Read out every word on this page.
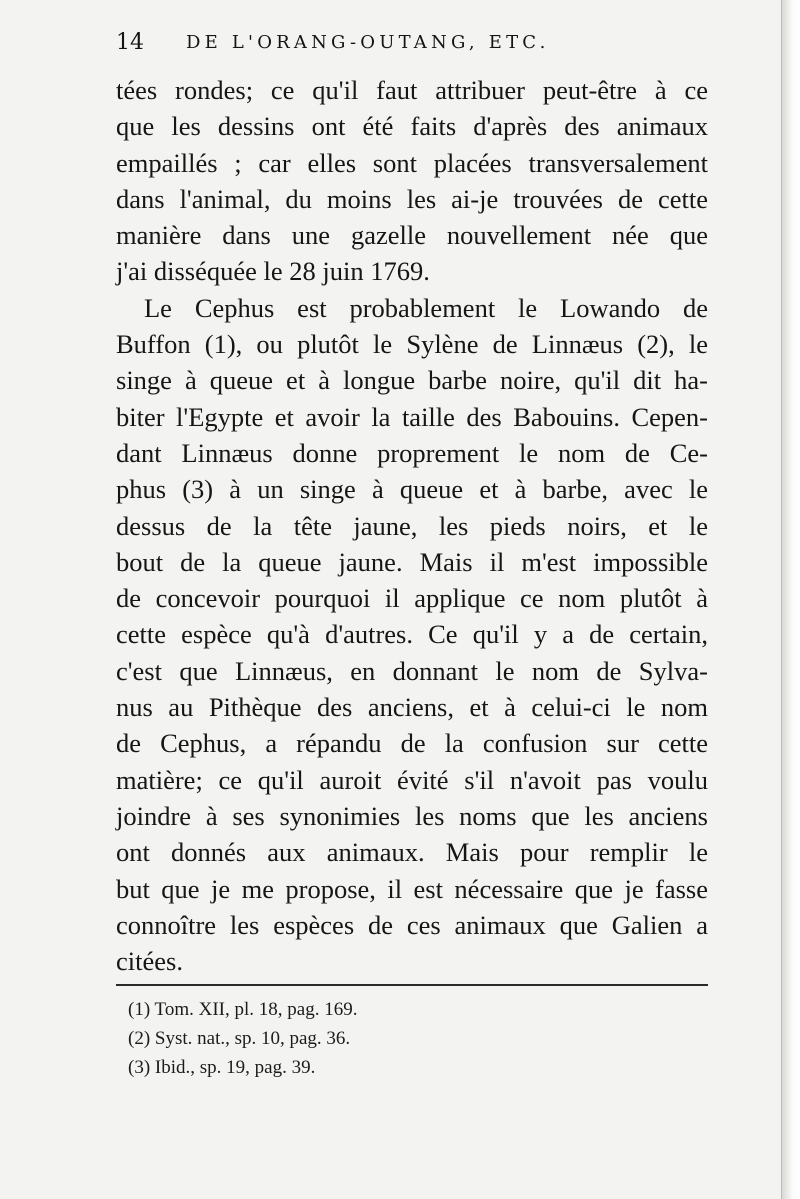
14 DE L'ORANG-OUTANG, ETC.
tées rondes; ce qu'il faut attribuer peut-être à ce
que les dessins ont été faits d'après des animaux
empaillés ; car elles sont placées transversalement
dans l'animal, du moins les ai-je trouvées de cette
manière dans une gazelle nouvellement née que
j'ai disséquée le 28 juin 1769.
Le Cephus est probablement le Lowando de
Buffon (1), ou plutôt le Sylène de Linnæus (2), le
singe à queue et à longue barbe noire, qu'il dit ha-
biter l'Egypte et avoir la taille des Babouins. Cepen-
dant Linnæus donne proprement le nom de Ce-
phus (3) à un singe à queue et à barbe, avec le
dessus de la tête jaune, les pieds noirs, et le
bout de la queue jaune. Mais il m'est impossible
de concevoir pourquoi il applique ce nom plutôt à
cette espèce qu'à d'autres. Ce qu'il y a de certain,
c'est que Linnæus, en donnant le nom de Sylva-
nus au Pithèque des anciens, et à celui-ci le nom
de Cephus, a répandu de la confusion sur cette
matière; ce qu'il auroit évité s'il n'avoit pas voulu
joindre à ses synonimies les noms que les anciens
ont donnés aux animaux. Mais pour remplir le
but que je me propose, il est nécessaire que je fasse
connoître les espèces de ces animaux que Galien a
citées.
(1) Tom. XII, pl. 18, pag. 169.
(2) Syst. nat., sp. 10, pag. 36.
(3) Ibid., sp. 19, pag. 39.
